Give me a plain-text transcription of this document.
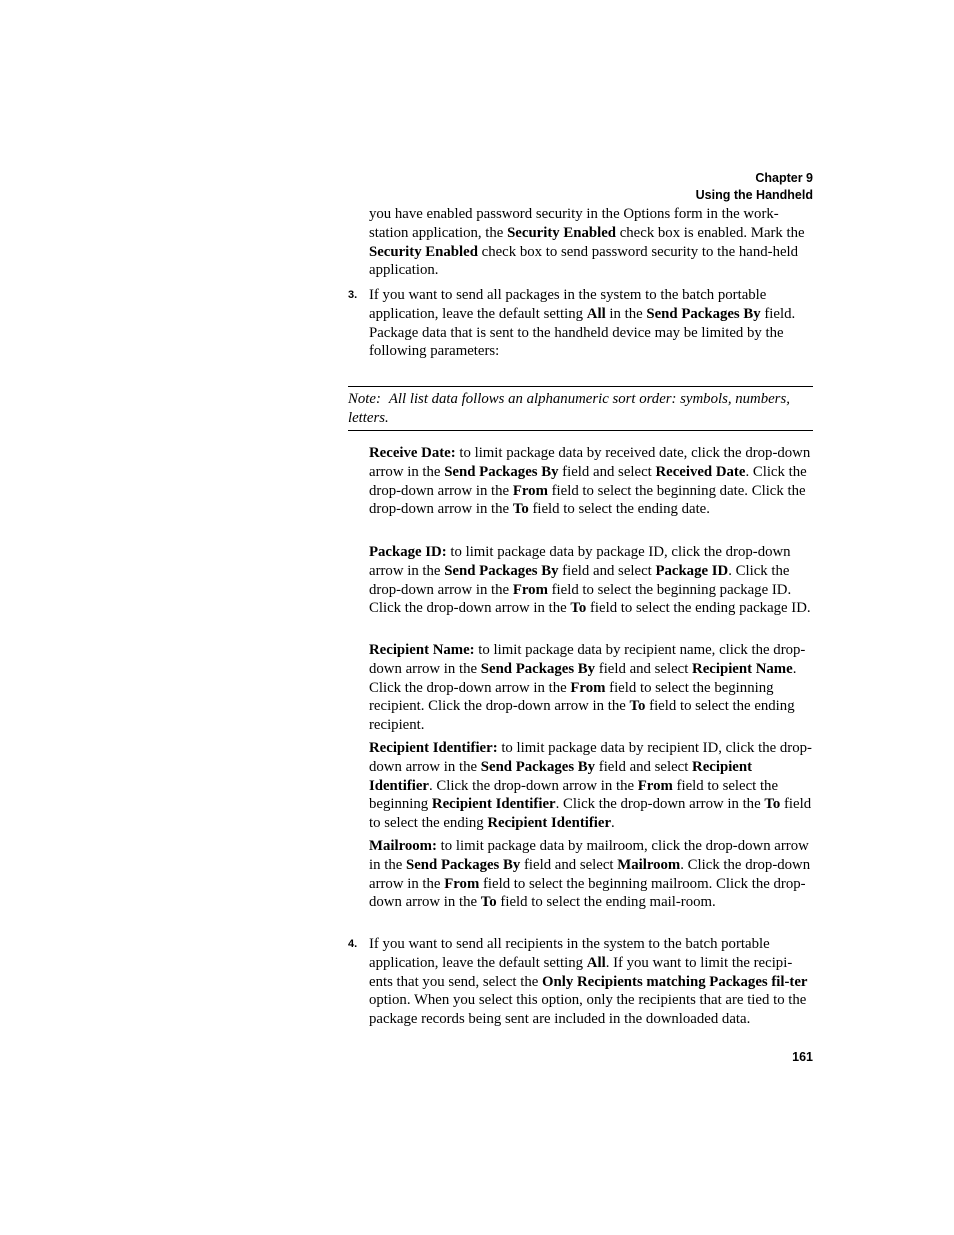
Chapter 9
Using the Handheld

you have enabled password security in the Options form in the work-station application, the Security Enabled check box is enabled. Mark the Security Enabled check box to send password security to the hand-held application.

3. If you want to send all packages in the system to the batch portable application, leave the default setting All in the Send Packages By field. Package data that is sent to the handheld device may be limited by the following parameters:

Note: All list data follows an alphanumeric sort order: symbols, numbers, letters.

Receive Date: to limit package data by received date, click the drop-down arrow in the Send Packages By field and select Received Date. Click the drop-down arrow in the From field to select the beginning date. Click the drop-down arrow in the To field to select the ending date.

Package ID: to limit package data by package ID, click the drop-down arrow in the Send Packages By field and select Package ID. Click the drop-down arrow in the From field to select the beginning package ID. Click the drop-down arrow in the To field to select the ending package ID.

Recipient Name: to limit package data by recipient name, click the drop-down arrow in the Send Packages By field and select Recipient Name. Click the drop-down arrow in the From field to select the beginning recipient. Click the drop-down arrow in the To field to select the ending recipient.

Recipient Identifier: to limit package data by recipient ID, click the drop-down arrow in the Send Packages By field and select Recipient Identifier. Click the drop-down arrow in the From field to select the beginning Recipient Identifier. Click the drop-down arrow in the To field to select the ending Recipient Identifier.

Mailroom: to limit package data by mailroom, click the drop-down arrow in the Send Packages By field and select Mailroom. Click the drop-down arrow in the From field to select the beginning mailroom. Click the drop-down arrow in the To field to select the ending mail-room.

4. If you want to send all recipients in the system to the batch portable application, leave the default setting All. If you want to limit the recipi-ents that you send, select the Only Recipients matching Packages fil-ter option. When you select this option, only the recipients that are tied to the package records being sent are included in the downloaded data.

161
